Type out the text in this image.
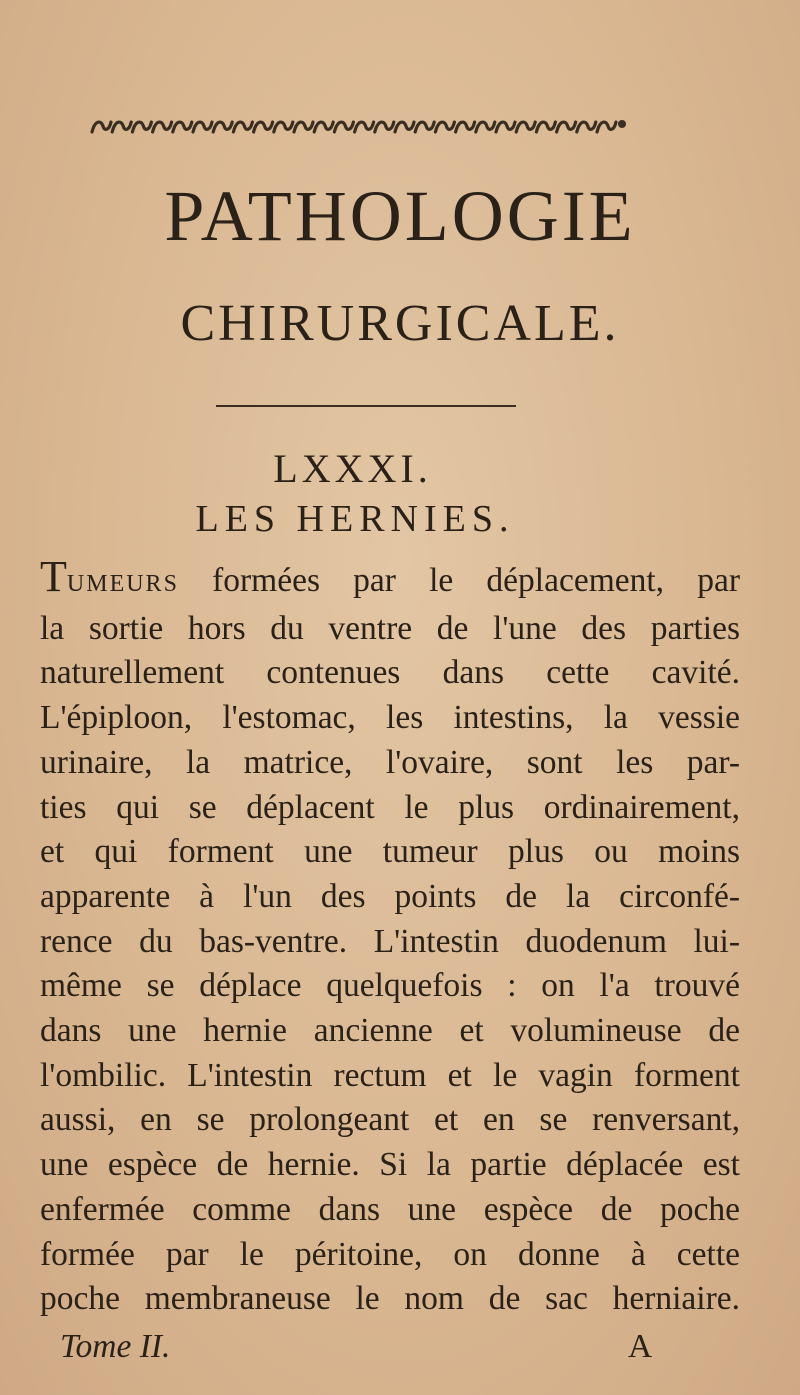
PATHOLOGIE
CHIRURGICALE.
LXXXI.
LES HERNIES.
TUMEURS formées par le déplacement, par
la sortie hors du ventre de l'une des parties
naturellement contenues dans cette cavité.
L'épiploon, l'estomac, les intestins, la vessie
urinaire, la matrice, l'ovaire, sont les par-
ties qui se déplacent le plus ordinairement,
et qui forment une tumeur plus ou moins
apparente à l'un des points de la circonfé-
rence du bas-ventre. L'intestin duodenum lui-
même se déplace quelquefois : on l'a trouvé
dans une hernie ancienne et volumineuse de
l'ombilic. L'intestin rectum et le vagin forment
aussi, en se prolongeant et en se renversant,
une espèce de hernie. Si la partie déplacée est
enfermée comme dans une espèce de poche
formée par le péritoine, on donne à cette
poche membraneuse le nom de sac herniaire.
Tome II.	A
